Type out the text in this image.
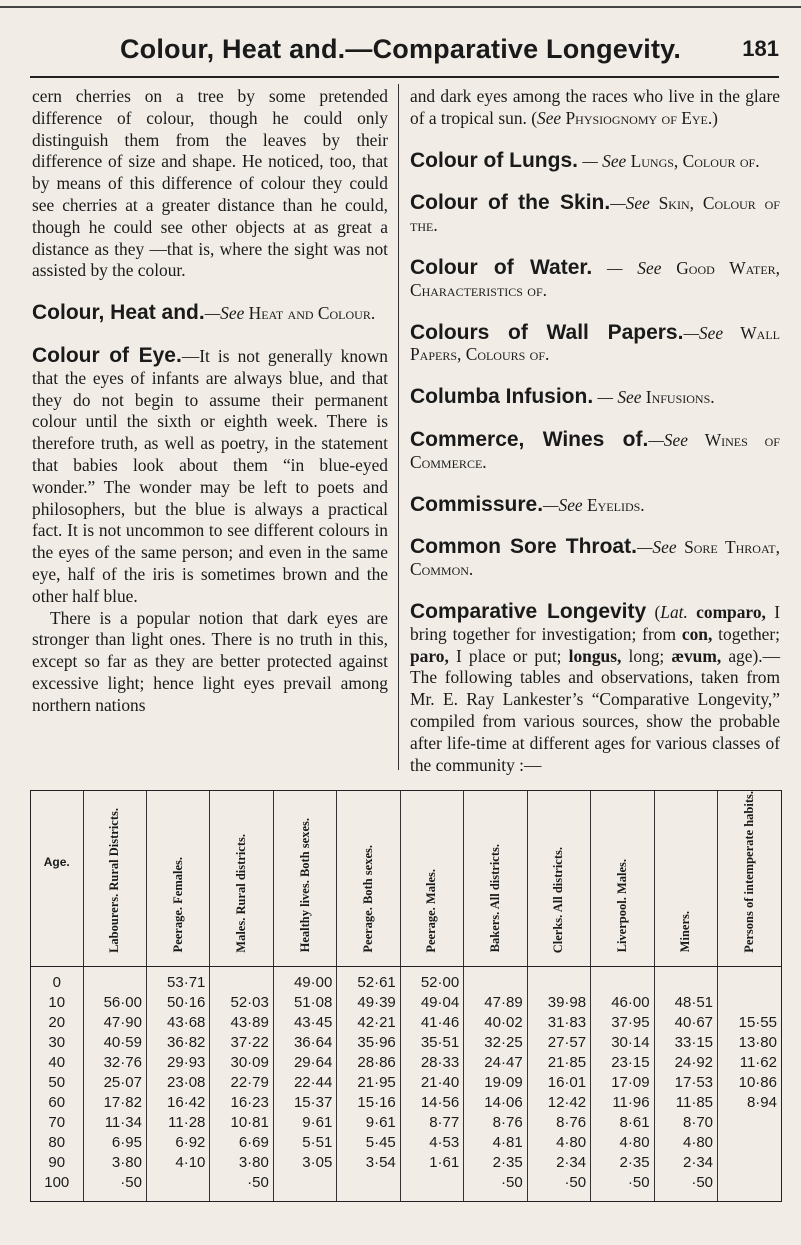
Colour, Heat and.—Comparative Longevity.	181

cern cherries on a tree by some pretended difference of colour, though he could only distinguish them from the leaves by their difference of size and shape. He noticed, too, that by means of this difference of colour they could see cherries at a greater distance than he could, though he could see other objects at as great a distance as they —that is, where the sight was not assisted by the colour.

Colour, Heat and.—See Heat and Colour.

Colour of Eye.—It is not generally known that the eyes of infants are always blue, and that they do not begin to assume their permanent colour until the sixth or eighth week. There is therefore truth, as well as poetry, in the statement that babies look about them “in blue-eyed wonder.” The wonder may be left to poets and philosophers, but the blue is always a practical fact. It is not uncommon to see different colours in the eyes of the same person; and even in the same eye, half of the iris is sometimes brown and the other half blue.

There is a popular notion that dark eyes are stronger than light ones. There is no truth in this, except so far as they are better protected against excessive light; hence light eyes prevail among northern nations

and dark eyes among the races who live in the glare of a tropical sun. (See Physiognomy of Eye.)

Colour of Lungs. — See Lungs, Colour of.

Colour of the Skin.—See Skin, Colour of the.

Colour of Water. — See Good Water, Characteristics of.

Colours of Wall Papers.—See Wall Papers, Colours of.

Columba Infusion. — See Infusions.

Commerce, Wines of.—See Wines of Commerce.

Commissure.—See Eyelids.

Common Sore Throat.—See Sore Throat, Common.

Comparative Longevity (Lat. comparo, I bring together for investigation; from con, together; paro, I place or put; longus, long; ævum, age).—The following tables and observations, taken from Mr. E. Ray Lankester’s “Comparative Longevity,” compiled from various sources, show the probable after life-time at different ages for various classes of the community :—

Age.	Labourers. Rural Districts.	Peerage. Females.	Males. Rural districts.	Healthy lives. Both sexes.	Peerage. Both sexes.	Peerage. Males.	Bakers. All districts.	Clerks. All districts.	Liverpool. Males.	Miners.	Persons of intemperate habits.
0		53·71		49·00	52·61	52·00					
10	56·00	50·16	52·03	51·08	49·39	49·04	47·89	39·98	46·00	48·51	
20	47·90	43·68	43·89	43·45	42·21	41·46	40·02	31·83	37·95	40·67	15·55
30	40·59	36·82	37·22	36·64	35·96	35·51	32·25	27·57	30·14	33·15	13·80
40	32·76	29·93	30·09	29·64	28·86	28·33	24·47	21·85	23·15	24·92	11·62
50	25·07	23·08	22·79	22·44	21·95	21·40	19·09	16·01	17·09	17·53	10·86
60	17·82	16·42	16·23	15·37	15·16	14·56	14·06	12·42	11·96	11·85	8·94
70	11·34	11·28	10·81	9·61	9·61	8·77	8·76	8·76	8·61	8·70	
80	6·95	6·92	6·69	5·51	5·45	4·53	4·81	4·80	4·80	4·80	
90	3·80	4·10	3·80	3·05	3·54	1·61	2·35	2·34	2·35	2·34	
100	·50		·50				·50	·50	·50	·50	
